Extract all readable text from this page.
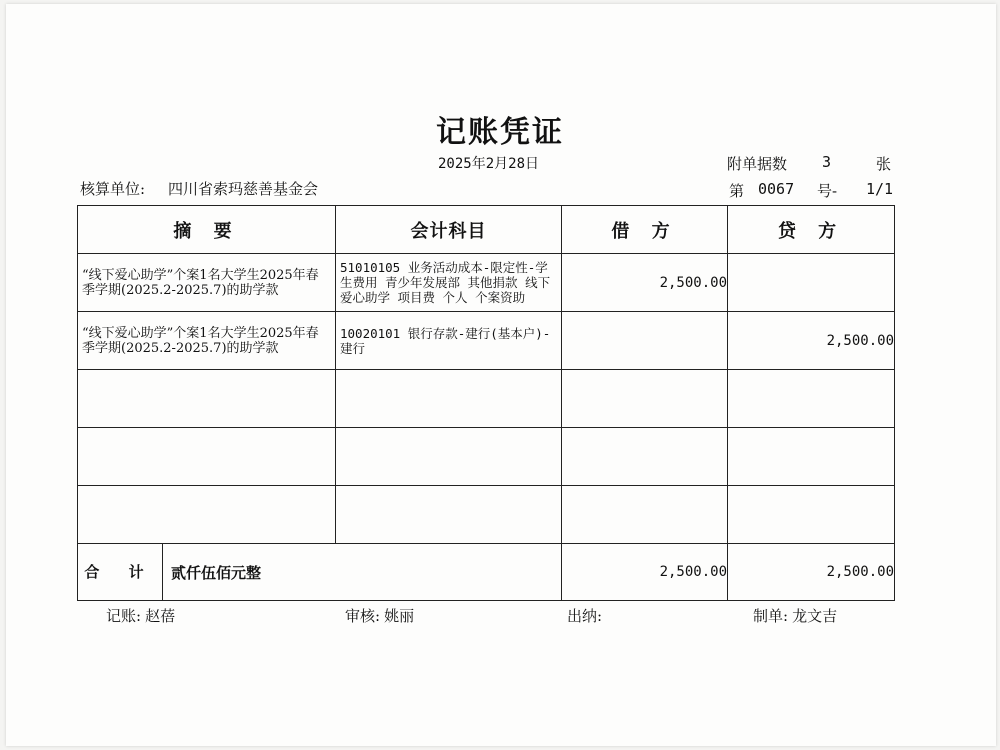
记账凭证
2025年2月28日	附单据数 3	张
核算单位: 四川省索玛慈善基金会	第 0067 号- 1/1
摘 要	会计科目	借 方	贷 方

“线下爱心助学”个案1名大学生2025年春季学期(2025.2-2025.7)的助学款	51010105 业务活动成本-限定性-学生费用 青少年发展部 其他捐款 线下爱心助学 项目费 个人 个案资助	2,500.00	

“线下爱心助学”个案1名大学生2025年春季学期(2025.2-2025.7)的助学款	10020101 银行存款-建行(基本户)-建行		2,500.00

合 计 贰仟伍佰元整		2,500.00	2,500.00
记账: 赵蓓	审核: 姚丽	出纳:	制单: 龙文吉
